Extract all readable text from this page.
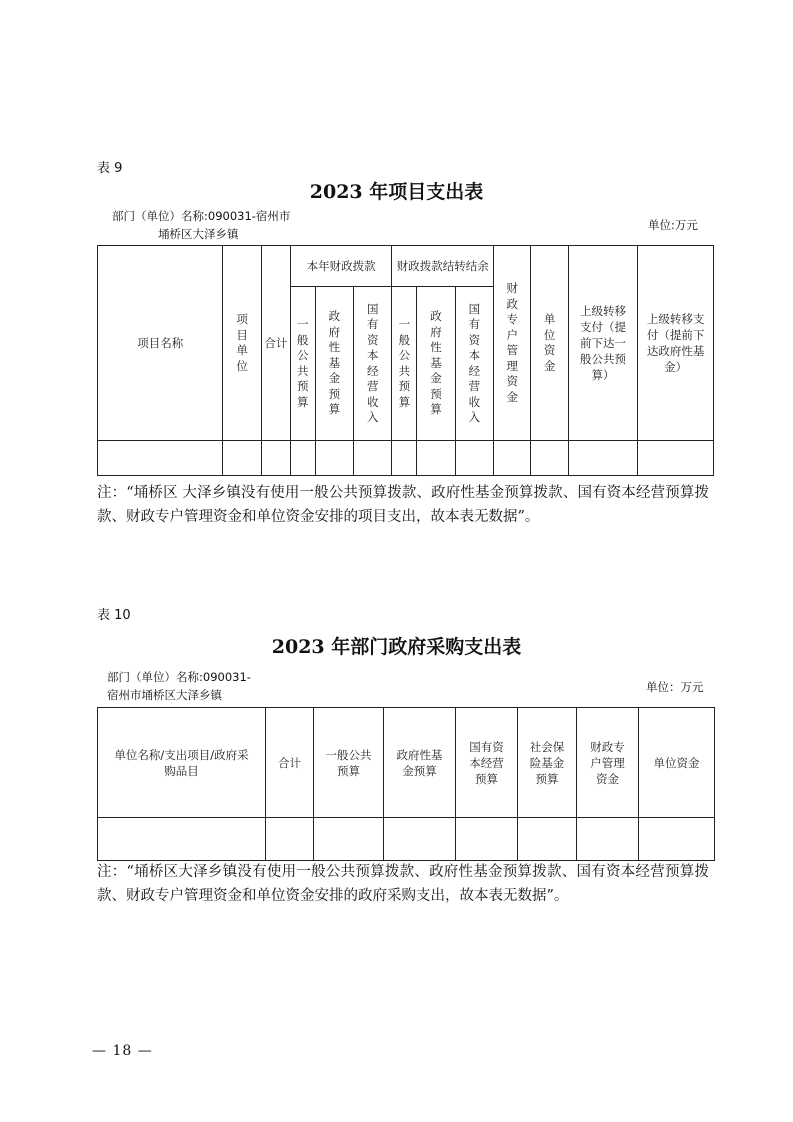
表 9
2023 年项目支出表
部门（单位）名称:090031-宿州市
埇桥区大泽乡镇
单位:万元
项目名称	项目单位	合计	本年财政拨款			财政拨款结转结余			财政专户管理资金	单位资金	上级转移支付（提前下达一般公共预算）	上级转移支付（提前下达政府性基金）
			一般公共预算	政府性基金预算	国有资本经营收入	一般公共预算	政府性基金预算	国有资本经营收入				

注：“埇桥区 大泽乡镇没有使用一般公共预算拨款、政府性基金预算拨款、国有资本经营预算拨款、财政专户管理资金和单位资金安排的项目支出，故本表无数据”。
表 10
2023 年部门政府采购支出表
部门（单位）名称:090031-
宿州市埇桥区大泽乡镇
单位：万元
单位名称/支出项目/政府采购品目	合计	一般公共预算	政府性基金预算	国有资本经营预算	社会保险基金预算	财政专户管理资金	单位资金

注：“埇桥区大泽乡镇没有使用一般公共预算拨款、政府性基金预算拨款、国有资本经营预算拨款、财政专户管理资金和单位资金安排的政府采购支出，故本表无数据”。
— 18 —
